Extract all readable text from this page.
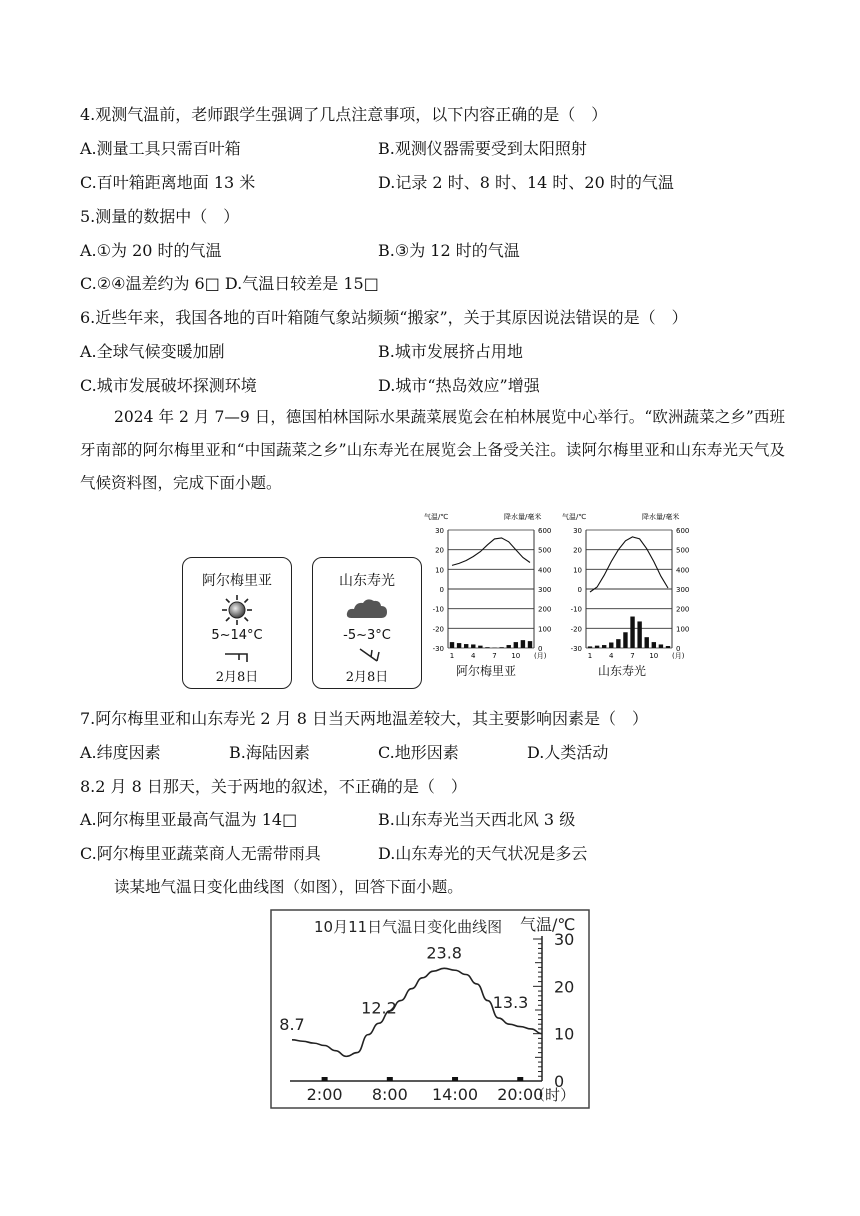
4.观测气温前，老师跟学生强调了几点注意事项，以下内容正确的是（　）
A.测量工具只需百叶箱	B.观测仪器需要受到太阳照射
C.百叶箱距离地面 13 米	D.记录 2 时、8 时、14 时、20 时的气温
5.测量的数据中（　）
A.①为 20 时的气温	B.③为 12 时的气温
C.②④温差约为 6□ D.气温日较差是 15□
6.近些年来，我国各地的百叶箱随气象站频频“搬家”，关于其原因说法错误的是（　）
A.全球气候变暖加剧	B.城市发展挤占用地
C.城市发展破坏探测环境	D.城市“热岛效应”增强
2024 年 2 月 7—9 日，德国柏林国际水果蔬菜展览会在柏林展览中心举行。“欧洲蔬菜之乡”西班牙南部的阿尔梅里亚和“中国蔬菜之乡”山东寿光在展览会上备受关注。读阿尔梅里亚和山东寿光天气及气候资料图，完成下面小题。
阿尔梅里亚
5~14°C
2月8日
山东寿光
-5~3°C
2月8日
气温/℃	降水量/毫米
30	600
20	500
10	400
0	300
-10	200
-20	100
-30	0
1 4 7 10 (月)
气温/℃	降水量/毫米
30	600
20	500
10	400
0	300
-10	200
-20	100
-30	0
1 4 7 10 (月)
阿尔梅里亚	山东寿光
7.阿尔梅里亚和山东寿光 2 月 8 日当天两地温差较大，其主要影响因素是（　）
A.纬度因素	B.海陆因素	C.地形因素	D.人类活动
8.2 月 8 日那天，关于两地的叙述，不正确的是（　）
A.阿尔梅里亚最高气温为 14□	B.山东寿光当天西北风 3 级
C.阿尔梅里亚蔬菜商人无需带雨具	D.山东寿光的天气状况是多云
读某地气温日变化曲线图（如图），回答下面小题。
10月11日气温日变化曲线图 气温/℃
（时）
30
20
10
0
2:00 8:00 14:00 20:00
8.7
12.2
23.8
13.3
